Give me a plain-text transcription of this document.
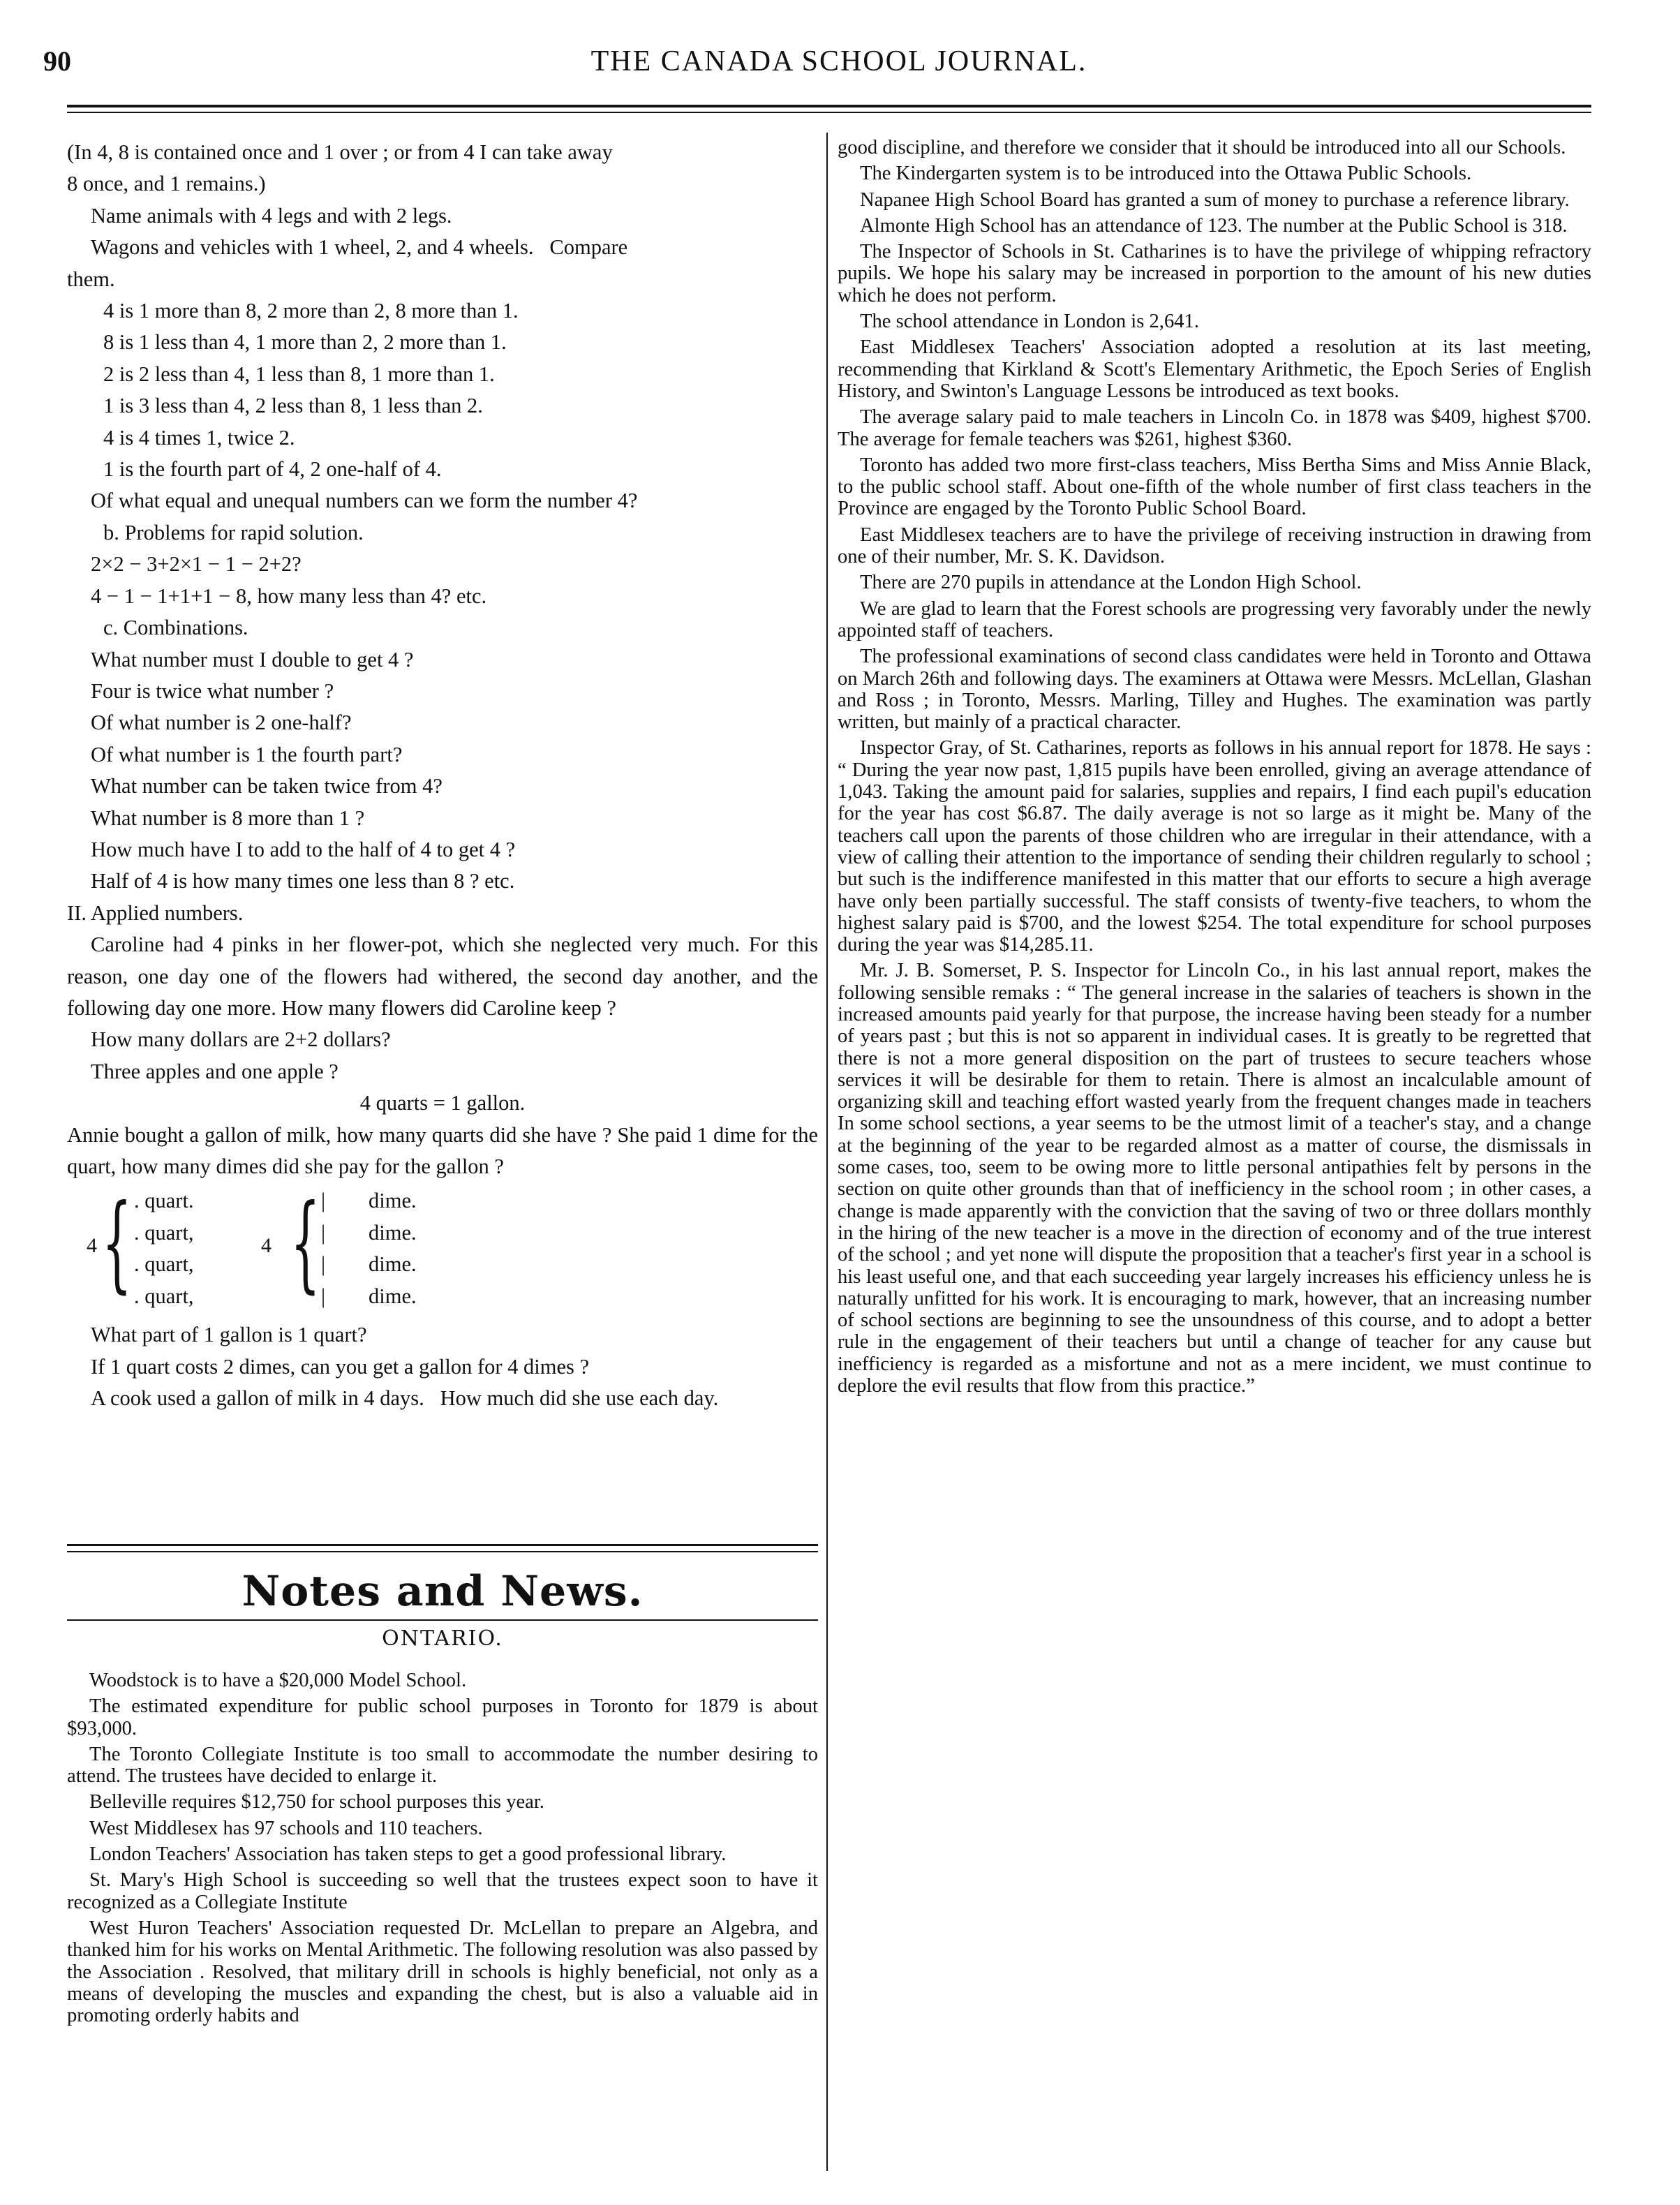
90	THE CANADA SCHOOL JOURNAL.

(In 4, 8 is contained once and 1 over ; or from 4 I can take away

8 once, and 1 remains.)

Name animals with 4 legs and with 2 legs.

Wagons and vehicles with 1 wheel, 2, and 4 wheels.   Compare

them.

4 is 1 more than 8, 2 more than 2, 8 more than 1.

8 is 1 less than 4, 1 more than 2, 2 more than 1.

2 is 2 less than 4, 1 less than 8, 1 more than 1.

1 is 3 less than 4, 2 less than 8, 1 less than 2.

4 is 4 times 1, twice 2.

1 is the fourth part of 4, 2 one-half of 4.

Of what equal and unequal numbers can we form the number 4?

b. Problems for rapid solution.

2×2 − 3+2×1 − 1 − 2+2?

4 − 1 − 1+1+1 − 8, how many less than 4? etc.

c. Combinations.

What number must I double to get 4 ?

Four is twice what number ?

Of what number is 2 one-half?

Of what number is 1 the fourth part?

What number can be taken twice from 4?

What number is 8 more than 1 ?

How much have I to add to the half of 4 to get 4 ?

Half of 4 is how many times one less than 8 ? etc.

II. Applied numbers.

Caroline had 4 pinks in her flower-pot, which she neglected very much. For this reason, one day one of the flowers had withered, the second day another, and the following day one more. How many flowers did Caroline keep ?

How many dollars are 2+2 dollars?

Three apples and one apple ?

4 quarts = 1 gallon.

Annie bought a gallon of milk, how many quarts did she have ? She paid 1 dime for the quart, how many dimes did she pay for the gallon ?

4 { . quart.
. quart,
. quart,
. quart,
4 { |
|
|
|
dime.
dime.
dime.
dime.

What part of 1 gallon is 1 quart?

If 1 quart costs 2 dimes, can you get a gallon for 4 dimes ?

A cook used a gallon of milk in 4 days.   How much did she use each day.

Notes and News.
ONTARIO.

Woodstock is to have a $20,000 Model School.

The estimated expenditure for public school purposes in Toronto for 1879 is about $93,000.

The Toronto Collegiate Institute is too small to accommodate the number desiring to attend. The trustees have decided to enlarge it.

Belleville requires $12,750 for school purposes this year.

West Middlesex has 97 schools and 110 teachers.

London Teachers' Association has taken steps to get a good professional library.

St. Mary's High School is succeeding so well that the trustees expect soon to have it recognized as a Collegiate Institute

West Huron Teachers' Association requested Dr. McLellan to prepare an Algebra, and thanked him for his works on Mental Arithmetic. The following resolution was also passed by the Association . Resolved, that military drill in schools is highly beneficial, not only as a means of developing the muscles and expanding the chest, but is also a valuable aid in promoting orderly habits and

good discipline, and therefore we consider that it should be introduced into all our Schools.

The Kindergarten system is to be introduced into the Ottawa Public Schools.

Napanee High School Board has granted a sum of money to purchase a reference library.

Almonte High School has an attendance of 123. The number at the Public School is 318.

The Inspector of Schools in St. Catharines is to have the privilege of whipping refractory pupils. We hope his salary may be increased in porportion to the amount of his new duties which he does not perform.

The school attendance in London is 2,641.

East Middlesex Teachers' Association adopted a resolution at its last meeting, recommending that Kirkland & Scott's Elementary Arithmetic, the Epoch Series of English History, and Swinton's Language Lessons be introduced as text books.

The average salary paid to male teachers in Lincoln Co. in 1878 was $409, highest $700. The average for female teachers was $261, highest $360.

Toronto has added two more first-class teachers, Miss Bertha Sims and Miss Annie Black, to the public school staff. About one-fifth of the whole number of first class teachers in the Province are engaged by the Toronto Public School Board.

East Middlesex teachers are to have the privilege of receiving instruction in drawing from one of their number, Mr. S. K. Davidson.

There are 270 pupils in attendance at the London High School.

We are glad to learn that the Forest schools are progressing very favorably under the newly appointed staff of teachers.

The professional examinations of second class candidates were held in Toronto and Ottawa on March 26th and following days. The examiners at Ottawa were Messrs. McLellan, Glashan and Ross ; in Toronto, Messrs. Marling, Tilley and Hughes. The examination was partly written, but mainly of a practical character.

Inspector Gray, of St. Catharines, reports as follows in his annual report for 1878. He says : “ During the year now past, 1,815 pupils have been enrolled, giving an average attendance of 1,043. Taking the amount paid for salaries, supplies and repairs, I find each pupil's education for the year has cost $6.87. The daily average is not so large as it might be. Many of the teachers call upon the parents of those children who are irregular in their attendance, with a view of calling their attention to the importance of sending their children regularly to school ; but such is the indifference manifested in this matter that our efforts to secure a high average have only been partially successful. The staff consists of twenty-five teachers, to whom the highest salary paid is $700, and the lowest $254. The total expenditure for school purposes during the year was $14,285.11.

Mr. J. B. Somerset, P. S. Inspector for Lincoln Co., in his last annual report, makes the following sensible remaks : “ The general increase in the salaries of teachers is shown in the increased amounts paid yearly for that purpose, the increase having been steady for a number of years past ; but this is not so apparent in individual cases. It is greatly to be regretted that there is not a more general disposition on the part of trustees to secure teachers whose services it will be desirable for them to retain. There is almost an incalculable amount of organizing skill and teaching effort wasted yearly from the frequent changes made in teachers In some school sections, a year seems to be the utmost limit of a teacher's stay, and a change at the beginning of the year to be regarded almost as a matter of course, the dismissals in some cases, too, seem to be owing more to little personal antipathies felt by persons in the section on quite other grounds than that of inefficiency in the school room ; in other cases, a change is made apparently with the conviction that the saving of two or three dollars monthly in the hiring of the new teacher is a move in the direction of economy and of the true interest of the school ; and yet none will dispute the proposition that a teacher's first year in a school is his least useful one, and that each succeeding year largely increases his efficiency unless he is naturally unfitted for his work. It is encouraging to mark, however, that an increasing number of school sections are beginning to see the unsoundness of this course, and to adopt a better rule in the engagement of their teachers but until a change of teacher for any cause but inefficiency is regarded as a misfortune and not as a mere incident, we must continue to deplore the evil results that flow from this practice.”
